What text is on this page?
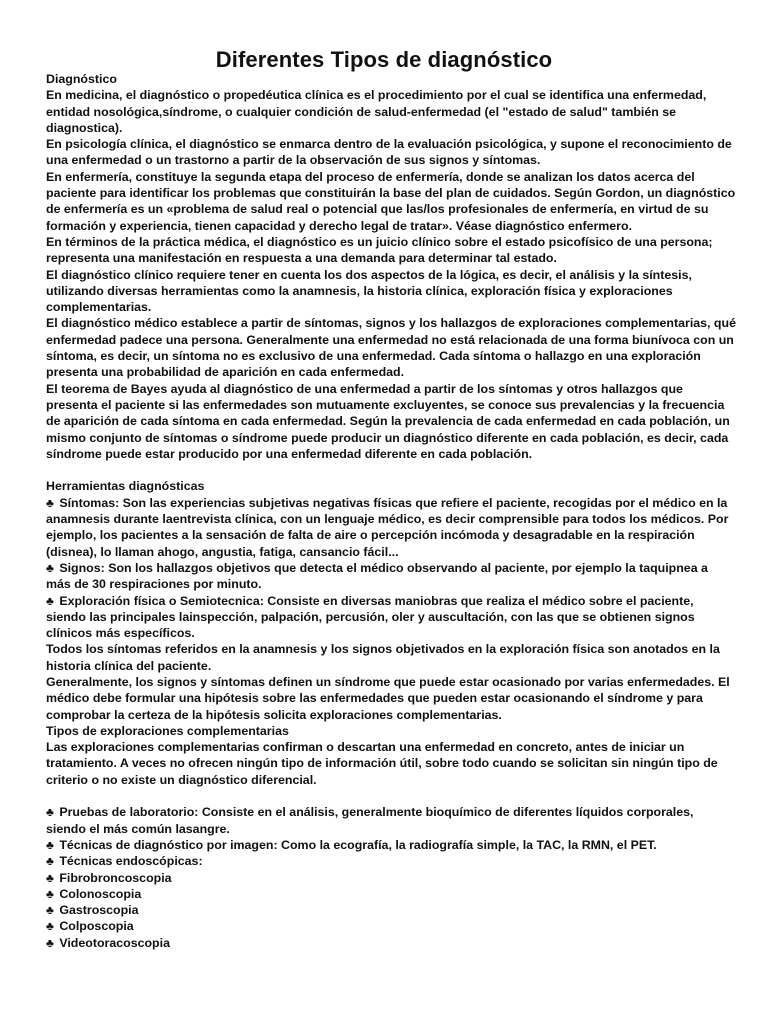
Diferentes Tipos de diagnóstico

Diagnóstico

En medicina, el diagnóstico o propedéutica clínica es el procedimiento por el cual se identifica una enfermedad, entidad nosológica,síndrome, o cualquier condición de salud-enfermedad (el "estado de salud" también se diagnostica).

En psicología clínica, el diagnóstico se enmarca dentro de la evaluación psicológica, y supone el reconocimiento de una enfermedad o un trastorno a partir de la observación de sus signos y síntomas.

En enfermería, constituye la segunda etapa del proceso de enfermería, donde se analizan los datos acerca del paciente para identificar los problemas que constituirán la base del plan de cuidados. Según Gordon, un diagnóstico de enfermería es un «problema de salud real o potencial que las/los profesionales de enfermería, en virtud de su formación y experiencia, tienen capacidad y derecho legal de tratar». Véase diagnóstico enfermero.

En términos de la práctica médica, el diagnóstico es un juicio clínico sobre el estado psicofísico de una persona; representa una manifestación en respuesta a una demanda para determinar tal estado.

El diagnóstico clínico requiere tener en cuenta los dos aspectos de la lógica, es decir, el análisis y la síntesis, utilizando diversas herramientas como la anamnesis, la historia clínica, exploración física y exploraciones complementarias.

El diagnóstico médico establece a partir de síntomas, signos y los hallazgos de exploraciones complementarias, qué enfermedad padece una persona. Generalmente una enfermedad no está relacionada de una forma biunívoca con un síntoma, es decir, un síntoma no es exclusivo de una enfermedad. Cada síntoma o hallazgo en una exploración presenta una probabilidad de aparición en cada enfermedad.

El teorema de Bayes ayuda al diagnóstico de una enfermedad a partir de los síntomas y otros hallazgos que presenta el paciente si las enfermedades son mutuamente excluyentes, se conoce sus prevalencias y la frecuencia de aparición de cada síntoma en cada enfermedad. Según la prevalencia de cada enfermedad en cada población, un mismo conjunto de síntomas o síndrome puede producir un diagnóstico diferente en cada población, es decir, cada síndrome puede estar producido por una enfermedad diferente en cada población.

Herramientas diagnósticas

♣ Síntomas: Son las experiencias subjetivas negativas físicas que refiere el paciente, recogidas por el médico en la anamnesis durante laentrevista clínica, con un lenguaje médico, es decir comprensible para todos los médicos. Por ejemplo, los pacientes a la sensación de falta de aire o percepción incómoda y desagradable en la respiración (disnea), lo llaman ahogo, angustia, fatiga, cansancio fácil...

♣ Signos: Son los hallazgos objetivos que detecta el médico observando al paciente, por ejemplo la taquipnea a más de 30 respiraciones por minuto.

♣ Exploración física o Semiotecnica: Consiste en diversas maniobras que realiza el médico sobre el paciente, siendo las principales lainspección, palpación, percusión, oler y auscultación, con las que se obtienen signos clínicos más específicos.

Todos los síntomas referidos en la anamnesis y los signos objetivados en la exploración física son anotados en la historia clínica del paciente.

Generalmente, los signos y síntomas definen un síndrome que puede estar ocasionado por varias enfermedades. El médico debe formular una hipótesis sobre las enfermedades que pueden estar ocasionando el síndrome y para comprobar la certeza de la hipótesis solicita exploraciones complementarias.

Tipos de exploraciones complementarias

Las exploraciones complementarias confirman o descartan una enfermedad en concreto, antes de iniciar un tratamiento. A veces no ofrecen ningún tipo de información útil, sobre todo cuando se solicitan sin ningún tipo de criterio o no existe un diagnóstico diferencial.

♣ Pruebas de laboratorio: Consiste en el análisis, generalmente bioquímico de diferentes líquidos corporales, siendo el más común lasangre.

♣ Técnicas de diagnóstico por imagen: Como la ecografía, la radiografía simple, la TAC, la RMN, el PET.

♣ Técnicas endoscópicas:

♣ Fibrobroncoscopia

♣ Colonoscopia

♣ Gastroscopia

♣ Colposcopia

♣ Videotoracoscopia
